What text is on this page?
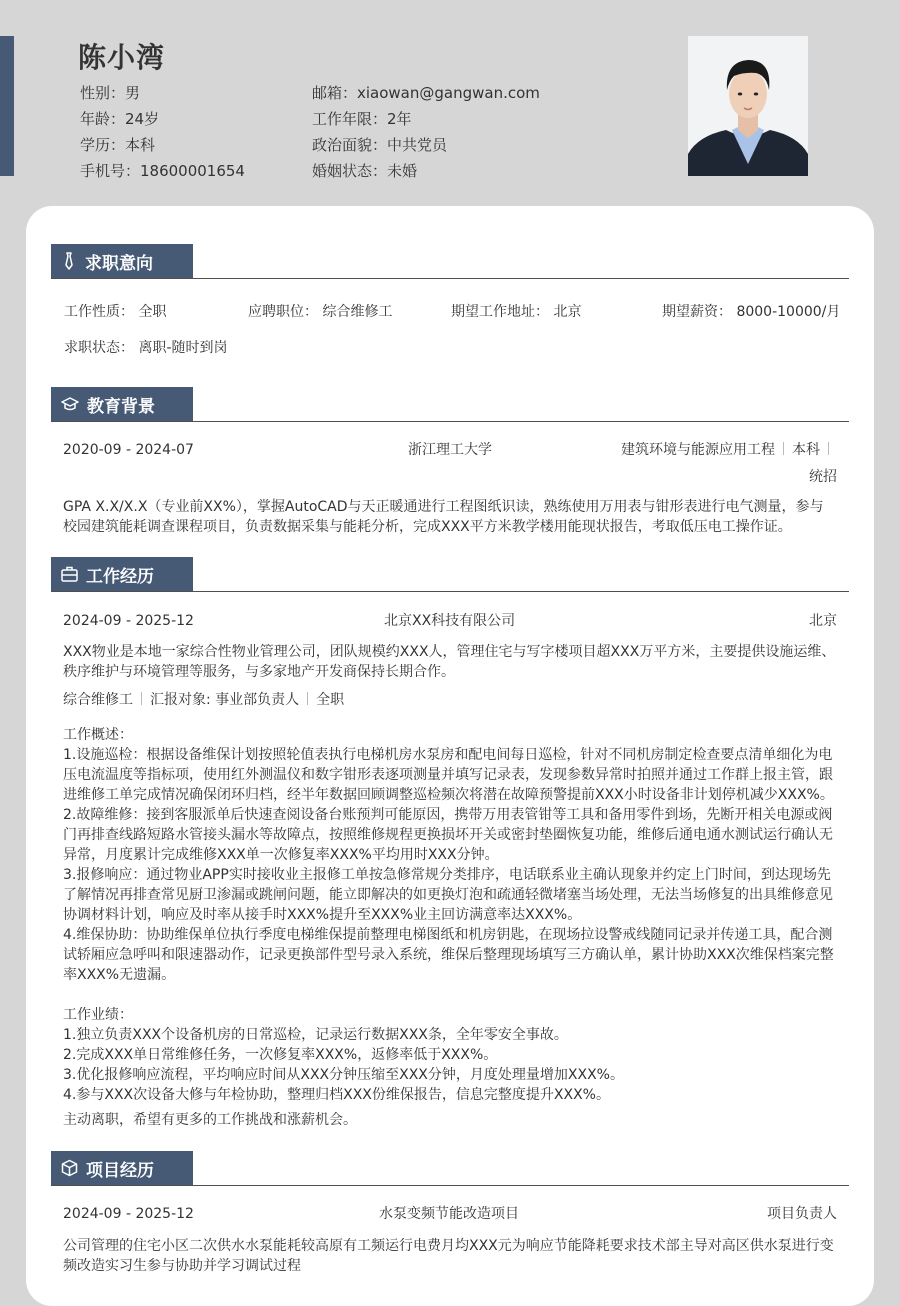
陈小湾
性别：男
年龄：24岁
学历：本科
手机号：18600001654
邮箱：xiaowan@gangwan.com
工作年限：2年
政治面貌：中共党员
婚姻状态：未婚
求职意向
工作性质： 全职	应聘职位： 综合维修工	期望工作地址： 北京	期望薪资： 8000-10000/月
求职状态： 离职-随时到岗
教育背景
2020-09 - 2024-07	浙江理工大学	建筑环境与能源应用工程 本科
统招
GPA X.X/X.X（专业前XX%），掌握AutoCAD与天正暖通进行工程图纸识读，熟练使用万用表与钳形表进行电气测量，参与校园建筑能耗调查课程项目，负责数据采集与能耗分析，完成XXX平方米教学楼用能现状报告，考取低压电工操作证。
工作经历
2024-09 - 2025-12	北京XX科技有限公司	北京
XXX物业是本地一家综合性物业管理公司，团队规模约XXX人，管理住宅与写字楼项目超XXX万平方米，主要提供设施运维、秩序维护与环境管理等服务，与多家地产开发商保持长期合作。
综合维修工 汇报对象: 事业部负责人 全职
工作概述：
1.设施巡检：根据设备维保计划按照轮值表执行电梯机房水泵房和配电间每日巡检，针对不同机房制定检查要点清单细化为电压电流温度等指标项，使用红外测温仪和数字钳形表逐项测量并填写记录表，发现参数异常时拍照并通过工作群上报主管，跟进维修工单完成情况确保闭环归档，经半年数据回顾调整巡检频次将潜在故障预警提前XXX小时设备非计划停机减少XXX%。
2.故障维修：接到客服派单后快速查阅设备台账预判可能原因，携带万用表管钳等工具和备用零件到场，先断开相关电源或阀门再排查线路短路水管接头漏水等故障点，按照维修规程更换损坏开关或密封垫圈恢复功能，维修后通电通水测试运行确认无异常，月度累计完成维修XXX单一次修复率XXX%平均用时XXX分钟。
3.报修响应：通过物业APP实时接收业主报修工单按急修常规分类排序，电话联系业主确认现象并约定上门时间，到达现场先了解情况再排查常见厨卫渗漏或跳闸问题，能立即解决的如更换灯泡和疏通轻微堵塞当场处理，无法当场修复的出具维修意见协调材料计划，响应及时率从接手时XXX%提升至XXX%业主回访满意率达XXX%。
4.维保协助：协助维保单位执行季度电梯维保提前整理电梯图纸和机房钥匙，在现场拉设警戒线随同记录并传递工具，配合测试轿厢应急呼叫和限速器动作，记录更换部件型号录入系统，维保后整理现场填写三方确认单，累计协助XXX次维保档案完整率XXX%无遗漏。
工作业绩：
1.独立负责XXX个设备机房的日常巡检，记录运行数据XXX条，全年零安全事故。
2.完成XXX单日常维修任务，一次修复率XXX%，返修率低于XXX%。
3.优化报修响应流程，平均响应时间从XXX分钟压缩至XXX分钟，月度处理量增加XXX%。
4.参与XXX次设备大修与年检协助，整理归档XXX份维保报告，信息完整度提升XXX%。
主动离职，希望有更多的工作挑战和涨薪机会。
项目经历
2024-09 - 2025-12	水泵变频节能改造项目	项目负责人
公司管理的住宅小区二次供水水泵能耗较高原有工频运行电费月均XXX元为响应节能降耗要求技术部主导对高区供水泵进行变频改造实习生参与协助并学习调试过程
